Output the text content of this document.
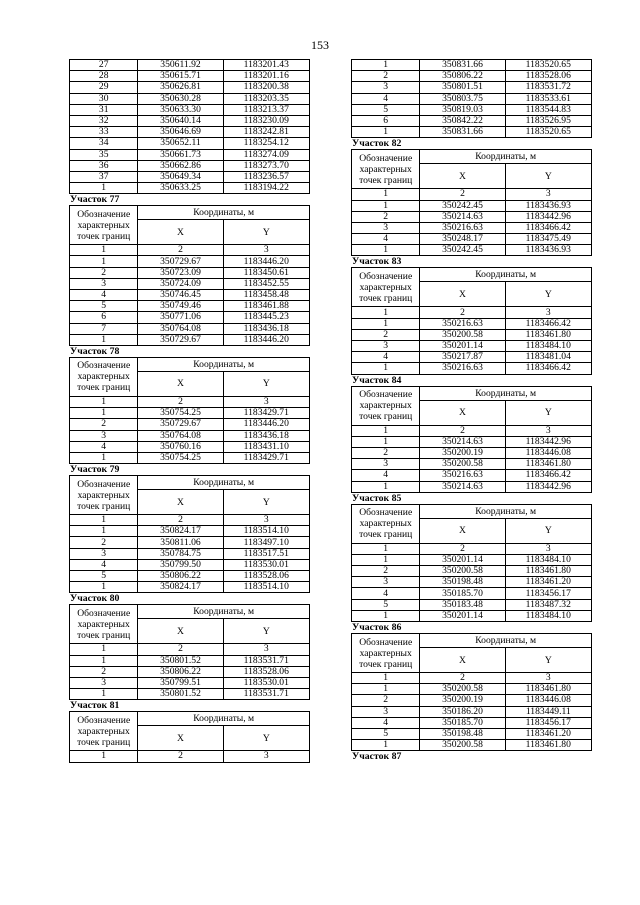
153
27	350611.92	1183201.43
28	350615.71	1183201.16
29	350626.81	1183200.38
30	350630.28	1183203.35
31	350633.30	1183213.37
32	350640.14	1183230.09
33	350646.69	1183242.81
34	350652.11	1183254.12
35	350661.73	1183274.09
36	350662.86	1183273.70
37	350649.34	1183236.57
1	350633.25	1183194.22
Участок 77
Обозначение характерных точек границ	Координаты, м	
	X	Y
1	2	3
1	350729.67	1183446.20
2	350723.09	1183450.61
3	350724.09	1183452.55
4	350746.45	1183458.48
5	350749.46	1183461.88
6	350771.06	1183445.23
7	350764.08	1183436.18
1	350729.67	1183446.20
Участок 78
Обозначение характерных точек границ	Координаты, м	
	X	Y
1	2	3
1	350754.25	1183429.71
2	350729.67	1183446.20
3	350764.08	1183436.18
4	350760.16	1183431.10
1	350754.25	1183429.71
Участок 79
Обозначение характерных точек границ	Координаты, м	
	X	Y
1	2	3
1	350824.17	1183514.10
2	350811.06	1183497.10
3	350784.75	1183517.51
4	350799.50	1183530.01
5	350806.22	1183528.06
1	350824.17	1183514.10
Участок 80
Обозначение характерных точек границ	Координаты, м	
	X	Y
1	2	3
1	350801.52	1183531.71
2	350806.22	1183528.06
3	350799.51	1183530.01
1	350801.52	1183531.71
Участок 81
Обозначение характерных точек границ	Координаты, м	
	X	Y
1	2	3
1	350831.66	1183520.65
2	350806.22	1183528.06
3	350801.51	1183531.72
4	350803.75	1183533.61
5	350819.03	1183544.83
6	350842.22	1183526.95
1	350831.66	1183520.65
Участок 82
Обозначение характерных точек границ	Координаты, м	
	X	Y
1	2	3
1	350242.45	1183436.93
2	350214.63	1183442.96
3	350216.63	1183466.42
4	350248.17	1183475.49
1	350242.45	1183436.93
Участок 83
Обозначение характерных точек границ	Координаты, м	
	X	Y
1	2	3
1	350216.63	1183466.42
2	350200.58	1183461.80
3	350201.14	1183484.10
4	350217.87	1183481.04
1	350216.63	1183466.42
Участок 84
Обозначение характерных точек границ	Координаты, м	
	X	Y
1	2	3
1	350214.63	1183442.96
2	350200.19	1183446.08
3	350200.58	1183461.80
4	350216.63	1183466.42
1	350214.63	1183442.96
Участок 85
Обозначение характерных точек границ	Координаты, м	
	X	Y
1	2	3
1	350201.14	1183484.10
2	350200.58	1183461.80
3	350198.48	1183461.20
4	350185.70	1183456.17
5	350183.48	1183487.32
1	350201.14	1183484.10
Участок 86
Обозначение характерных точек границ	Координаты, м	
	X	Y
1	2	3
1	350200.58	1183461.80
2	350200.19	1183446.08
3	350186.20	1183449.11
4	350185.70	1183456.17
5	350198.48	1183461.20
1	350200.58	1183461.80
Участок 87
